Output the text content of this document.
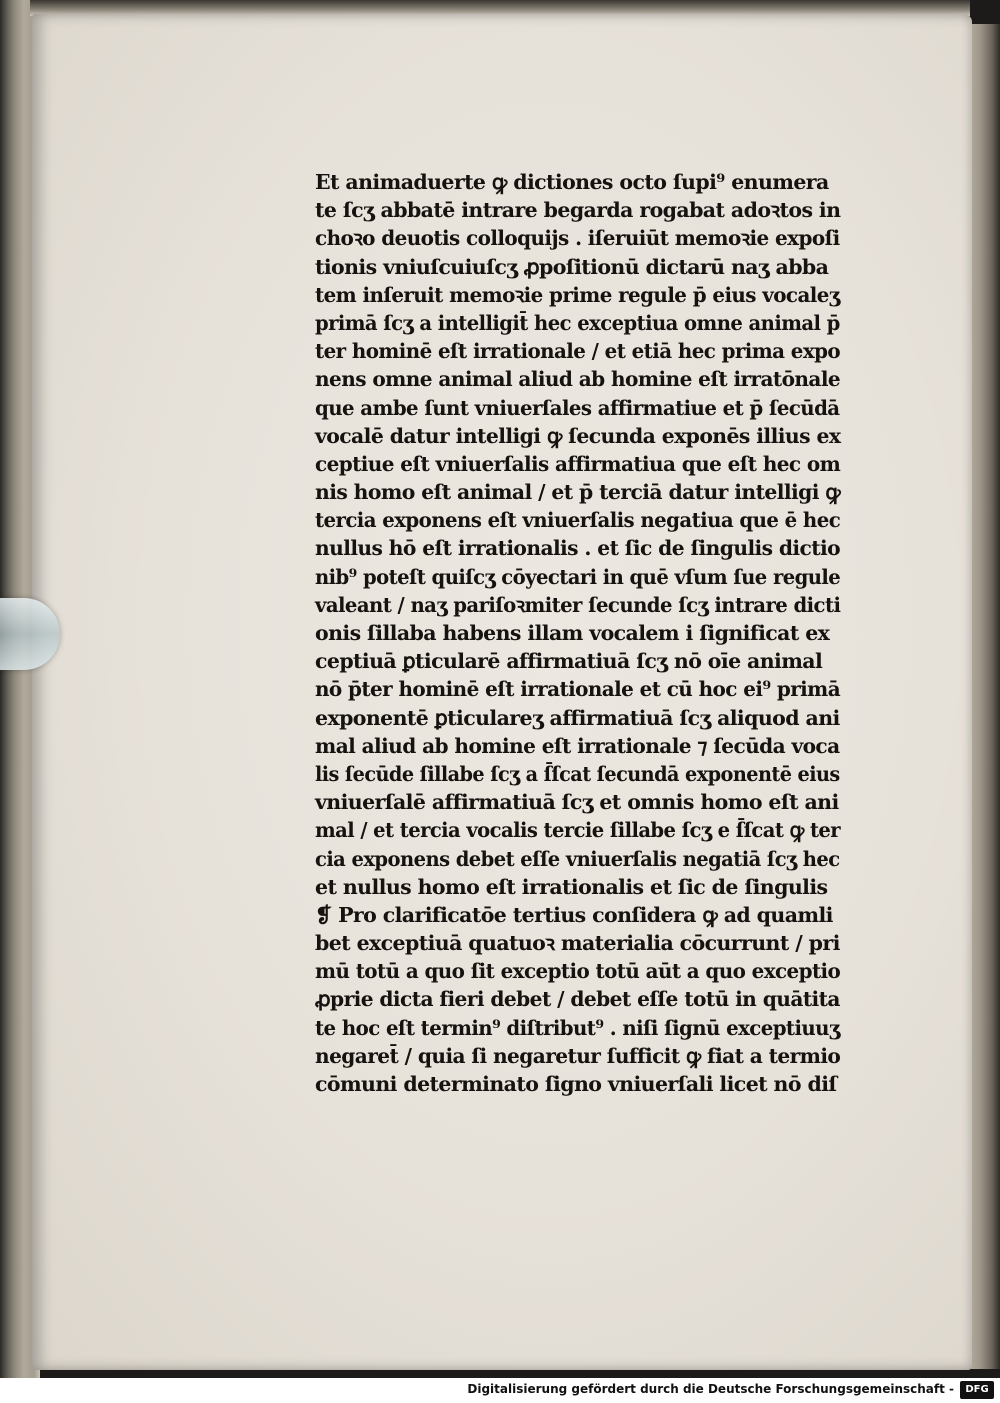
Et animaduerte ꝙ dictiones octo ſupi⁹ enumera
te ſcʒ abbatē intrare begarda rogabat adoꝛtos in
choꝛo deuotis colloquijs . iſeruiūt memoꝛie expoſi
tionis vniuſcuiuſcʒ ꝓpoſitionū dictarū naʒ abba
tem inſeruit memoꝛie prime regule p̄ eius vocaleʒ
primā ſcʒ a intelligit̄ hec exceptiua omne animal p̄
ter hominē eſt irrationale / et etiā hec prima expo
nens omne animal aliud ab homine eſt irratōnale
que ambe ſunt vniuerſales affirmatiue et p̄ ſecūdā
vocalē datur intelligi ꝙ ſecunda exponēs illius ex
ceptiue eſt vniuerſalis affirmatiua que eſt hec om
nis homo eſt animal / et p̄ terciā datur intelligi ꝙ
tercia exponens eſt vniuerſalis negatiua que ē hec
nullus hō eſt irrationalis . et ſic de ſingulis dictio
nib⁹ poteſt quiſcʒ cōyectari in quē vſum ſue regule
valeant / naʒ pariſoꝛmiter ſecunde ſcʒ intrare dicti
onis ſillaba habens illam vocalem i ſignificat ex
ceptiuā ꝑticularē affirmatiuā ſcʒ nō oīe animal
nō p̄ter hominē eſt irrationale et cū hoc ei⁹ primā
exponentē ꝑticulareʒ affirmatiuā ſcʒ aliquod ani
mal aliud ab homine eſt irrationale ⁊ ſecūda voca
lis ſecūde ſillabe ſcʒ a ſ̄ſcat ſecundā exponentē eius
vniuerſalē affirmatiuā ſcʒ et omnis homo eſt ani
mal / et tercia vocalis tercie ſillabe ſcʒ e ſ̄ſcat ꝙ ter
cia exponens debet eſſe vniuerſalis negatiā ſcʒ hec
et nullus homo eſt irrationalis et ſic de ſingulis
❡ Pro clarificatōe tertius conſidera ꝙ ad quamli
bet exceptiuā quatuoꝛ materialia cōcurrunt / pri
mū totū a quo ſit exceptio totū aūt a quo exceptio
ꝓprie dicta fieri debet / debet eſſe totū in quātita
te hoc eſt termin⁹ diſtribut⁹ . niſi ſignū exceptiuuʒ
negaret̄ / quia ſi negaretur ſufficit ꝙ fiat a termio
cōmuni determinato ſigno vniuerſali licet nō diſ
Digitalisierung gefördert durch die Deutsche Forschungsgemeinschaft -	DFG
